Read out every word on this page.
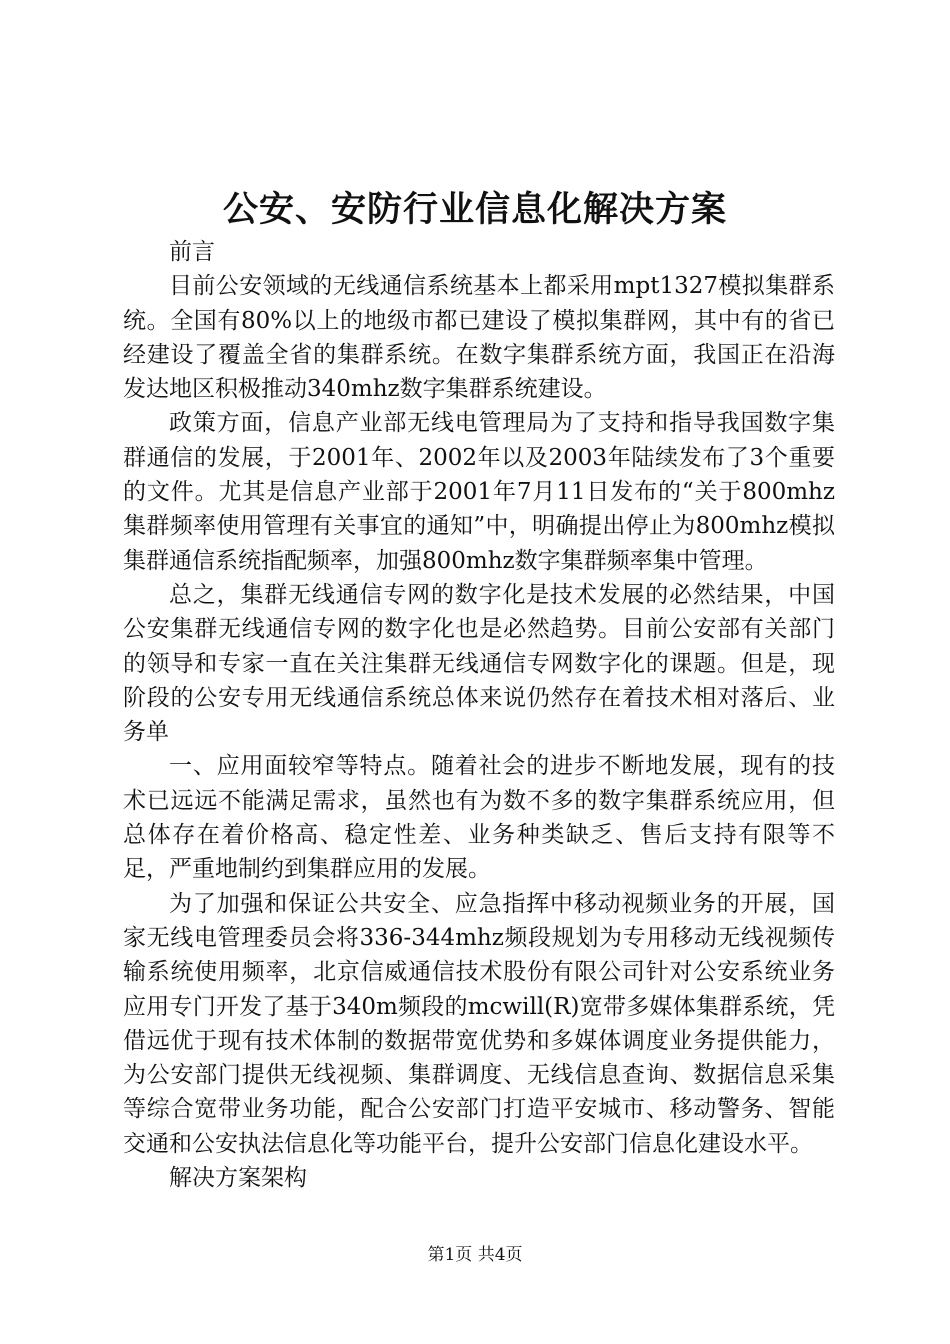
公安、安防行业信息化解决方案

前言

目前公安领域的无线通信系统基本上都采用mpt1327模拟集群系统。全国有80%以上的地级市都已建设了模拟集群网，其中有的省已经建设了覆盖全省的集群系统。在数字集群系统方面，我国正在沿海发达地区积极推动340mhz数字集群系统建设。

政策方面，信息产业部无线电管理局为了支持和指导我国数字集群通信的发展，于2001年、2002年以及2003年陆续发布了3个重要的文件。尤其是信息产业部于2001年7月11日发布的“关于800mhz集群频率使用管理有关事宜的通知”中，明确提出停止为800mhz模拟集群通信系统指配频率，加强800mhz数字集群频率集中管理。

总之，集群无线通信专网的数字化是技术发展的必然结果，中国公安集群无线通信专网的数字化也是必然趋势。目前公安部有关部门的领导和专家一直在关注集群无线通信专网数字化的课题。但是，现阶段的公安专用无线通信系统总体来说仍然存在着技术相对落后、业务单

一、应用面较窄等特点。随着社会的进步不断地发展，现有的技术已远远不能满足需求，虽然也有为数不多的数字集群系统应用，但总体存在着价格高、稳定性差、业务种类缺乏、售后支持有限等不足，严重地制约到集群应用的发展。

为了加强和保证公共安全、应急指挥中移动视频业务的开展，国家无线电管理委员会将336-344mhz频段规划为专用移动无线视频传输系统使用频率，北京信威通信技术股份有限公司针对公安系统业务应用专门开发了基于340m频段的mcwill(R)宽带多媒体集群系统，凭借远优于现有技术体制的数据带宽优势和多媒体调度业务提供能力，为公安部门提供无线视频、集群调度、无线信息查询、数据信息采集等综合宽带业务功能，配合公安部门打造平安城市、移动警务、智能交通和公安执法信息化等功能平台，提升公安部门信息化建设水平。

解决方案架构

第1页 共4页
